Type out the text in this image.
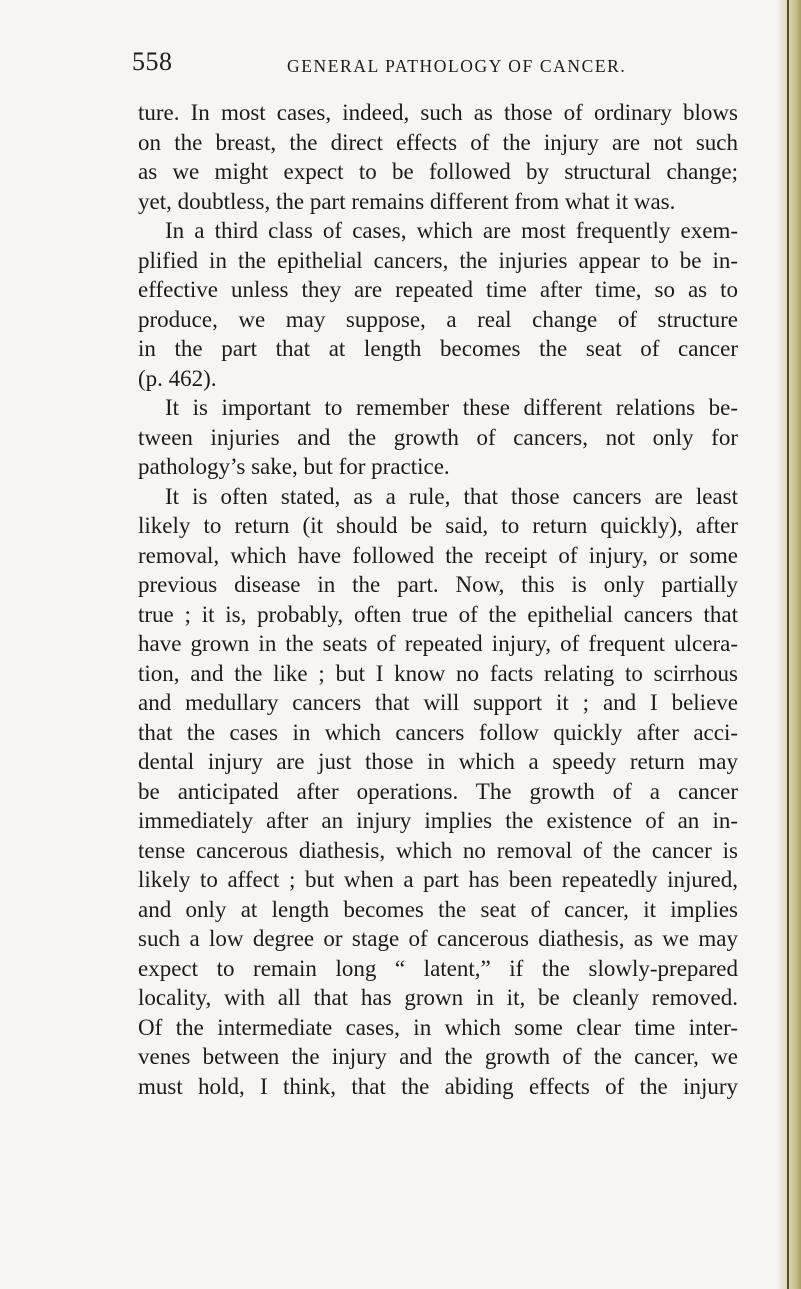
558	GENERAL PATHOLOGY OF CANCER.
ture. In most cases, indeed, such as those of ordinary blows
on the breast, the direct effects of the injury are not such
as we might expect to be followed by structural change;
yet, doubtless, the part remains different from what it was.
In a third class of cases, which are most frequently exem-
plified in the epithelial cancers, the injuries appear to be in-
effective unless they are repeated time after time, so as to
produce, we may suppose, a real change of structure
in the part that at length becomes the seat of cancer
(p. 462).
It is important to remember these different relations be-
tween injuries and the growth of cancers, not only for
pathology’s sake, but for practice.
It is often stated, as a rule, that those cancers are least
likely to return (it should be said, to return quickly), after
removal, which have followed the receipt of injury, or some
previous disease in the part. Now, this is only partially
true ; it is, probably, often true of the epithelial cancers that
have grown in the seats of repeated injury, of frequent ulcera-
tion, and the like ; but I know no facts relating to scirrhous
and medullary cancers that will support it ; and I believe
that the cases in which cancers follow quickly after acci-
dental injury are just those in which a speedy return may
be anticipated after operations. The growth of a cancer
immediately after an injury implies the existence of an in-
tense cancerous diathesis, which no removal of the cancer is
likely to affect ; but when a part has been repeatedly injured,
and only at length becomes the seat of cancer, it implies
such a low degree or stage of cancerous diathesis, as we may
expect to remain long “ latent,” if the slowly-prepared
locality, with all that has grown in it, be cleanly removed.
Of the intermediate cases, in which some clear time inter-
venes between the injury and the growth of the cancer, we
must hold, I think, that the abiding effects of the injury
